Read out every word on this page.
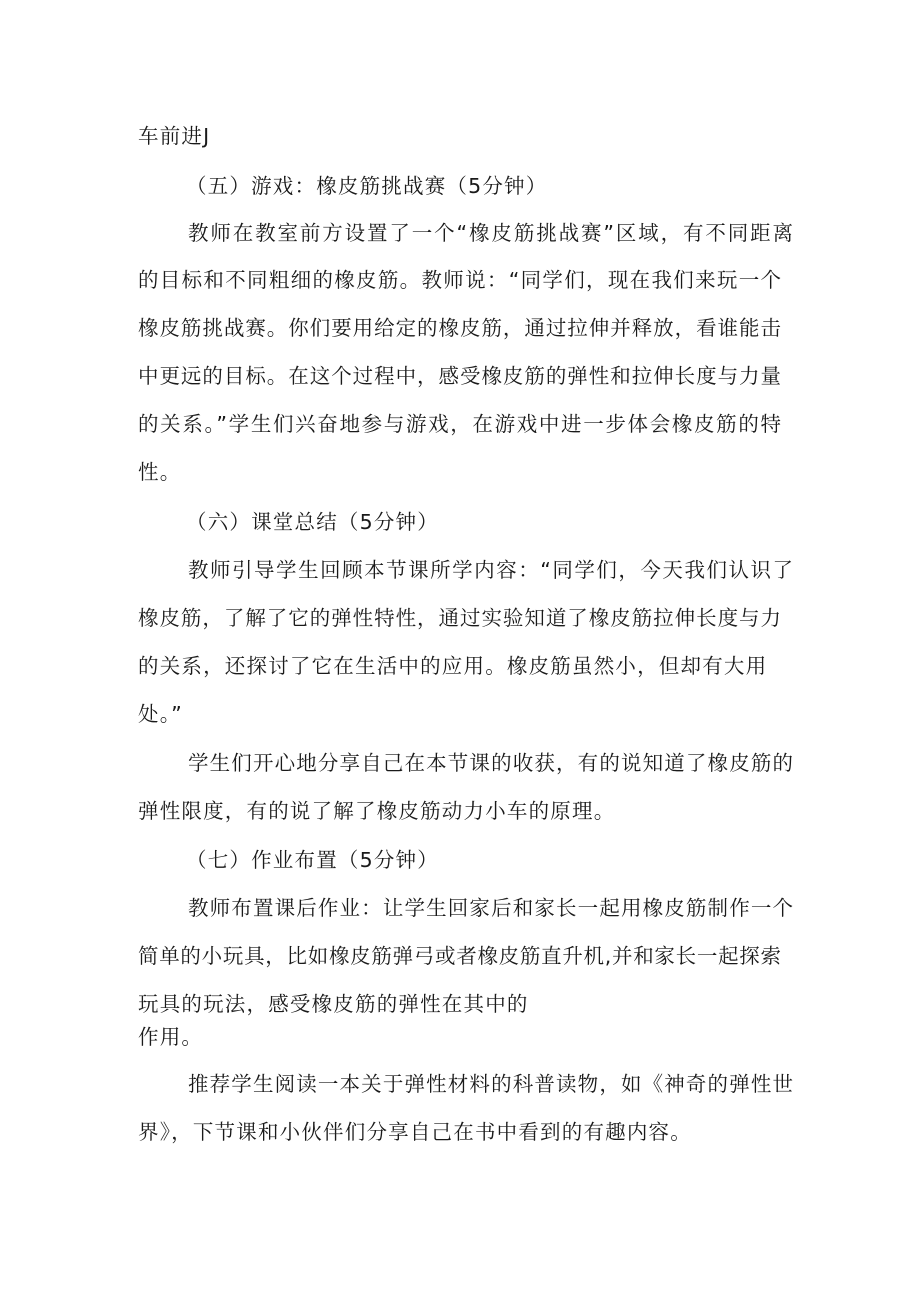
车前进J
（五）游戏：橡皮筋挑战赛（5分钟）
教师在教室前方设置了一个“橡皮筋挑战赛”区域，有不同距离
的目标和不同粗细的橡皮筋。教师说：“同学们，现在我们来玩一个
橡皮筋挑战赛。你们要用给定的橡皮筋，通过拉伸并释放，看谁能击
中更远的目标。在这个过程中，感受橡皮筋的弹性和拉伸长度与力量
的关系。”学生们兴奋地参与游戏，在游戏中进一步体会橡皮筋的特
性。
（六）课堂总结（5分钟）
教师引导学生回顾本节课所学内容：“同学们，今天我们认识了
橡皮筋，了解了它的弹性特性，通过实验知道了橡皮筋拉伸长度与力
的关系，还探讨了它在生活中的应用。橡皮筋虽然小，但却有大用
处。”
学生们开心地分享自己在本节课的收获，有的说知道了橡皮筋的
弹性限度，有的说了解了橡皮筋动力小车的原理。
（七）作业布置（5分钟）
教师布置课后作业：让学生回家后和家长一起用橡皮筋制作一个
简单的小玩具，比如橡皮筋弹弓或者橡皮筋直升机,并和家长一起探索
玩具的玩法，感受橡皮筋的弹性在其中的
作用。
推荐学生阅读一本关于弹性材料的科普读物，如《神奇的弹性世
界》，下节课和小伙伴们分享自己在书中看到的有趣内容。
